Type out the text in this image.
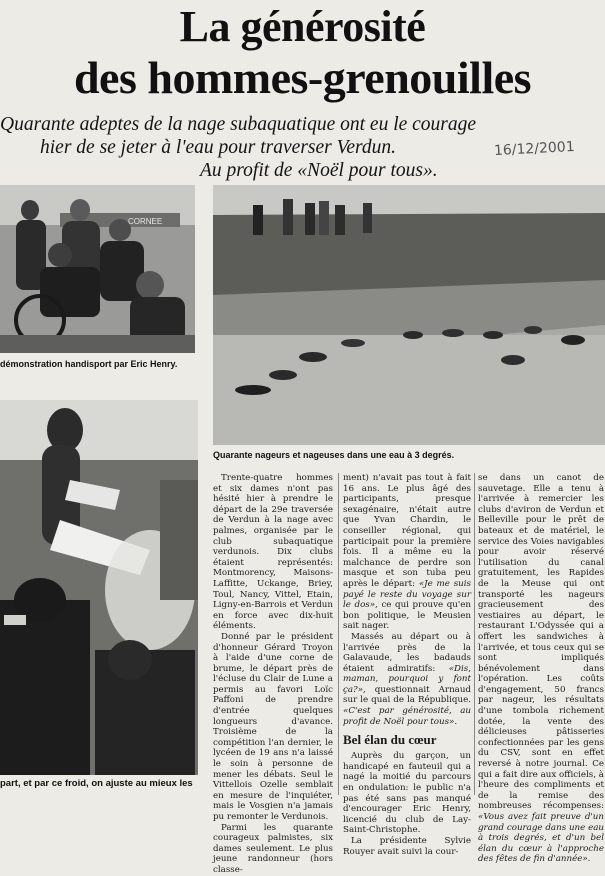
La générosité
des hommes-grenouilles
Quarante adeptes de la nage subaquatique ont eu le courage
hier de se jeter à l'eau pour traverser Verdun.
Au profit de «Noël pour tous».
16/12/2001
CORNEE
démonstration handisport par Eric Henry.
Quarante nageurs et nageuses dans une eau à 3 degrés.
part, et par ce froid, on ajuste au mieux les

Trente-quatre hommes et six dames n'ont pas hésité hier à prendre le départ de la 29e traversée de Verdun à la nage avec palmes, organisée par le club subaquatique verdunois. Dix clubs étaient représentés: Montmorency, Maisons-Laffitte, Uckange, Briey, Toul, Nancy, Vittel, Etain, Ligny-en-Barrois et Verdun en force avec dix-huit éléments.

Donné par le président d'honneur Gérard Troyon à l'aide d'une corne de brume, le départ près de l'écluse du Clair de Lune a permis au favori Loïc Paffoni de prendre d'entrée quelques longueurs d'avance. Troisième de la compétition l'an dernier, le lycéen de 19 ans n'a laissé le soin à personne de mener les débats. Seul le Vittellois Ozelle semblait en mesure de l'inquiéter, mais le Vosgien n'a jamais pu remonter le Verdunois.

Parmi les quarante courageux palmistes, six dames seulement. Le plus jeune randonneur (hors classe-

ment) n'avait pas tout à fait 16 ans. Le plus âgé des participants, presque sexagénaire, n'était autre que Yvan Chardin, le conseiller régional, qui participait pour la première fois. Il a même eu la malchance de perdre son masque et son tuba peu après le départ: «Je me suis payé le reste du voyage sur le dos», ce qui prouve qu'en bon politique, le Meusien sait nager.

Massés au départ ou à l'arrivée près de la Galavaude, les badauds étaient admiratifs: «Dis, maman, pourquoi y font ça?», questionnait Arnaud sur le quai de la République. «C'est par générosité, au profit de Noël pour tous».

Bel élan du cœur

Auprès du garçon, un handicapé en fauteuil qui a nagé la moitié du parcours en ondulation: le public n'a pas été sans pas manqué d'encourager Eric Henry, licencié du club de Lay-Saint-Christophe.

La présidente Sylvie Rouyer avait suivi la cour-

se dans un canot de sauvetage. Elle a tenu à l'arrivée à remercier les clubs d'aviron de Verdun et Belleville pour le prêt de bateaux et de matériel, le service des Voies navigables pour avoir réservé l'utilisation du canal gratuitement, les Rapides de la Meuse qui ont transporté les nageurs gracieusement des vestiaires au départ, le restaurant L'Odyssée qui a offert les sandwiches à l'arrivée, et tous ceux qui se sont impliqués bénévolement dans l'opération. Les coûts d'engagement, 50 francs par nageur, les résultats d'une tombola richement dotée, la vente des délicieuses pâtisseries confectionnées par les gens du CSV, sont en effet reversé à notre journal. Ce qui a fait dire aux officiels, à l'heure des compliments et de la remise des nombreuses récompenses: «Vous avez fait preuve d'un grand courage dans une eau à trois degrés, et d'un bel élan du cœur à l'approche des fêtes de fin d'année».
